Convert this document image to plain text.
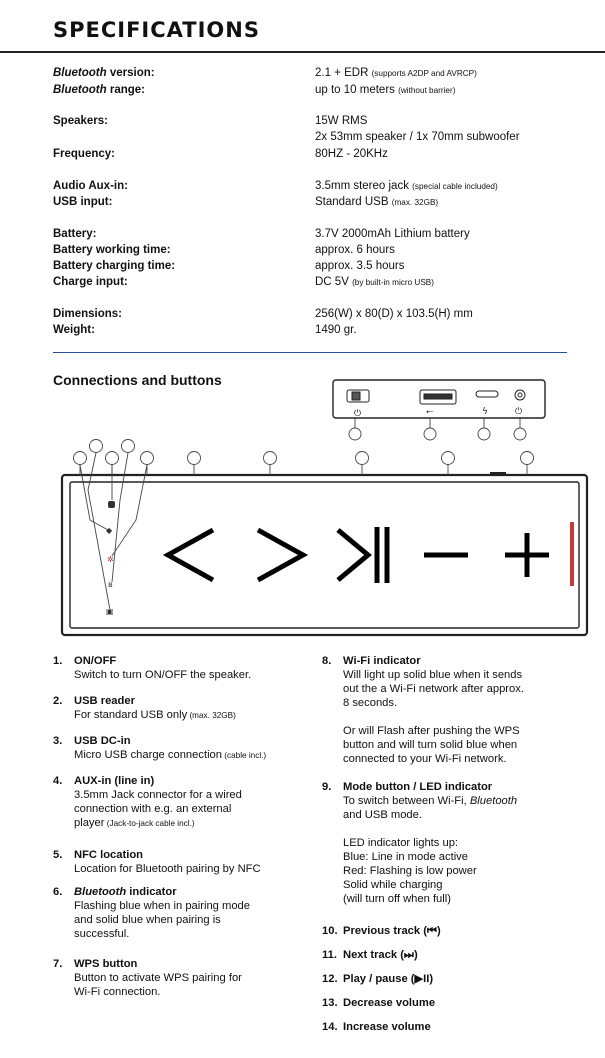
SPECIFICATIONS
Bluetooth version:	2.1 + EDR (supports A2DP and AVRCP)
Bluetooth range:	up to 10 meters (without barrier)
Speakers:	15W RMS
2x 53mm speaker / 1x 70mm subwoofer
Frequency:	80HZ - 20KHz
Audio Aux-in:	3.5mm stereo jack (special cable included)
USB input:	Standard USB (max. 32GB)
Battery:	3.7V 2000mAh Lithium battery
Battery working time:	approx. 6 hours
Battery charging time:	approx. 3.5 hours
Charge input:	DC 5V (by built-in micro USB)
Dimensions:	256(W) x 80(D) x 103.5(H) mm
Weight:	1490 gr.
Connections and buttons
⏻	⭠	ϟ	⏻
◆
✲
ʙ
▣
1. ON/OFF
Switch to turn ON/OFF the speaker.
2. USB reader
For standard USB only (max. 32GB)
3. USB DC-in
Micro USB charge connection (cable incl.)
4. AUX-in (line in)
3.5mm Jack connector for a wired
connection with e.g. an external
player (Jack-to-jack cable incl.)
5. NFC location
Location for Bluetooth pairing by NFC
6. Bluetooth indicator
Flashing blue when in pairing mode
and solid blue when pairing is
successful.
7. WPS button
Button to activate WPS pairing for
Wi-Fi connection.
8. Wi-Fi indicator
Will light up solid blue when it sends
out the a Wi-Fi network after approx.
8 seconds.
Or will Flash after pushing the WPS
button and will turn solid blue when
connected to your Wi-Fi network.
9. Mode button / LED indicator
To switch between Wi-Fi, Bluetooth
and USB mode.
LED indicator lights up:
Blue: Line in mode active
Red: Flashing is low power
Solid while charging
(will turn off when full)
10. Previous track (⏮)
11. Next track (⏭)
12. Play / pause (▶II)
13. Decrease volume
14. Increase volume
